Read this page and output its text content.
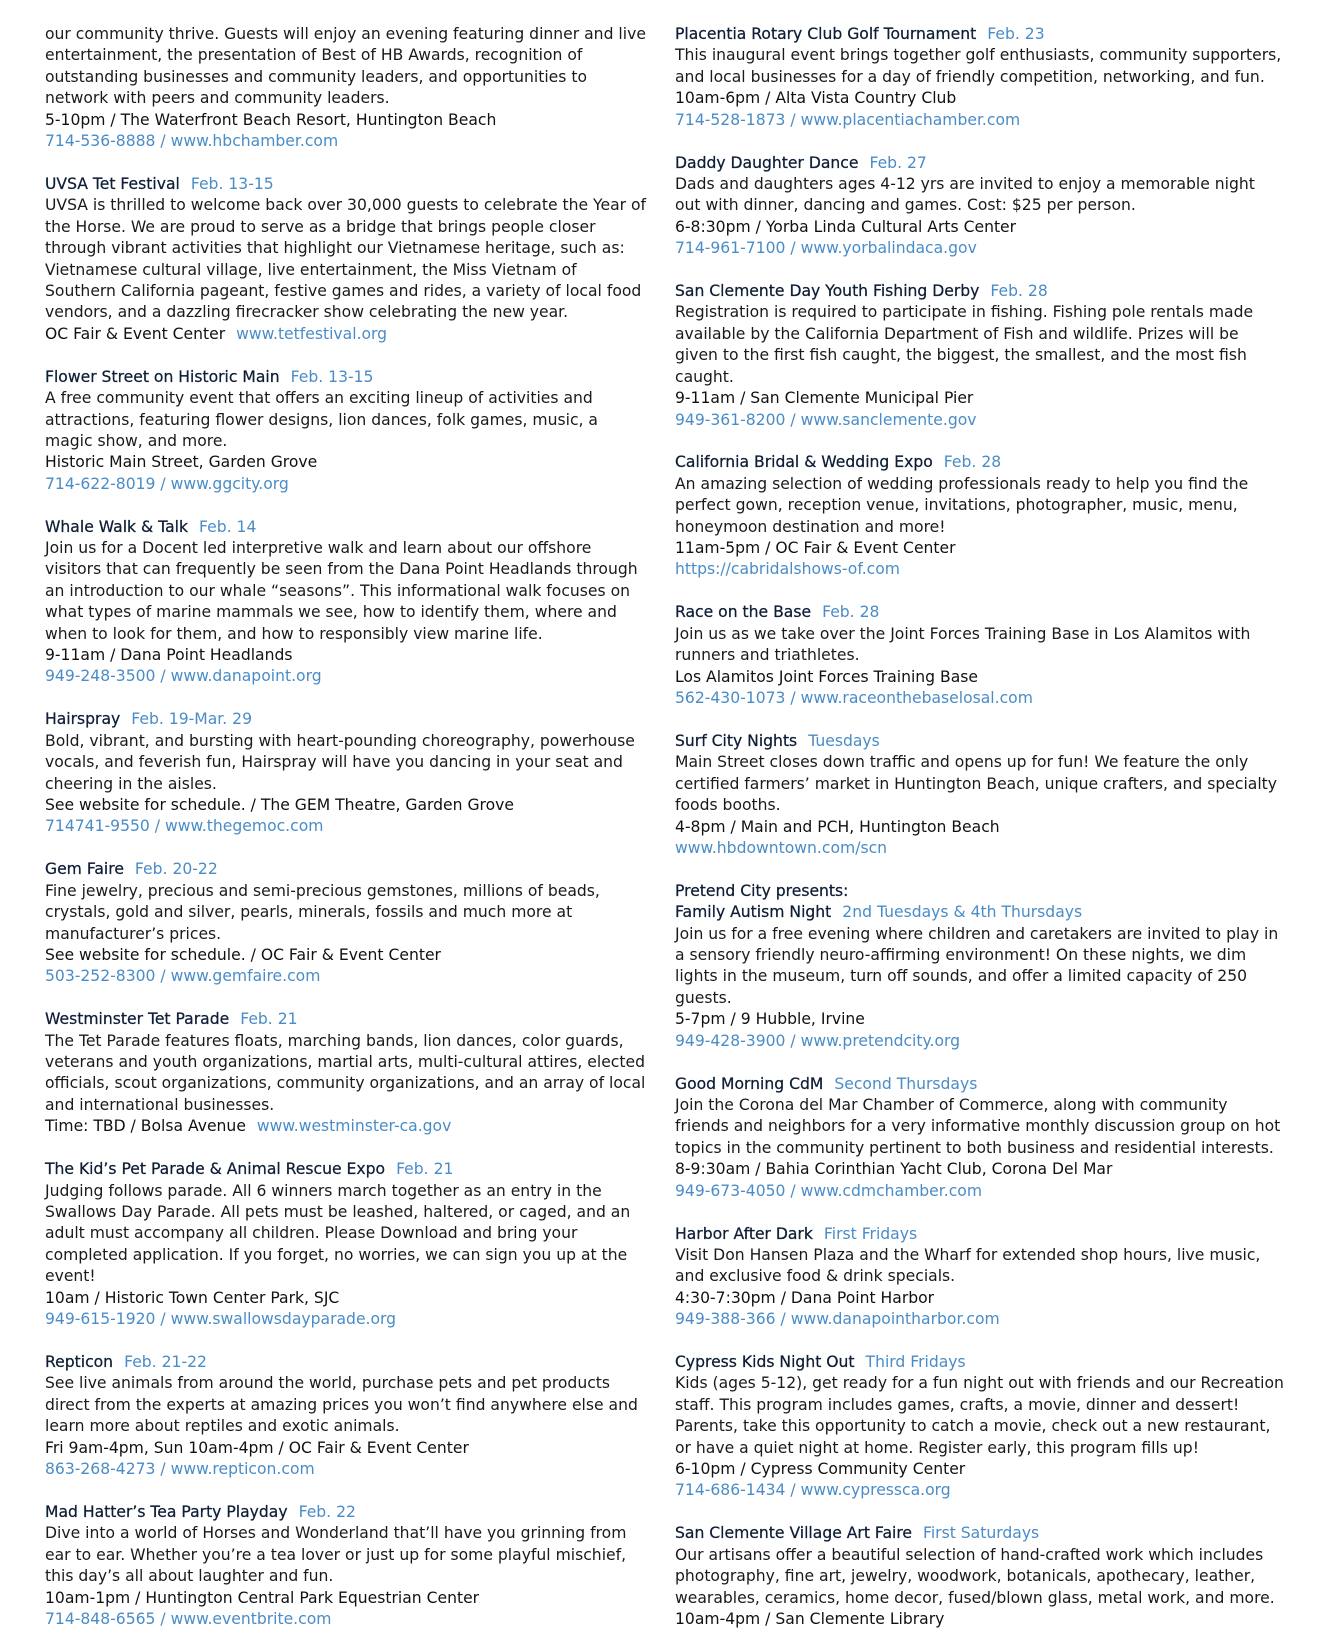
our community thrive. Guests will enjoy an evening featuring dinner and live entertainment, the presentation of Best of HB Awards, recognition of outstanding businesses and community leaders, and opportunities to network with peers and community leaders.

5-10pm / The Waterfront Beach Resort, Huntington Beach

714-536-8888 / www.hbchamber.com

UVSA Tet Festival Feb. 13-15

UVSA is thrilled to welcome back over 30,000 guests to celebrate the Year of the Horse. We are proud to serve as a bridge that brings people closer through vibrant activities that highlight our Vietnamese heritage, such as: Vietnamese cultural village, live entertainment, the Miss Vietnam of Southern California pageant, festive games and rides, a variety of local food vendors, and a dazzling firecracker show celebrating the new year.

OC Fair & Event Center www.tetfestival.org

Flower Street on Historic Main Feb. 13-15

A free community event that offers an exciting lineup of activities and attractions, featuring flower designs, lion dances, folk games, music, a magic show, and more.

Historic Main Street, Garden Grove

714-622-8019 / www.ggcity.org

Whale Walk & Talk Feb. 14

Join us for a Docent led interpretive walk and learn about our offshore visitors that can frequently be seen from the Dana Point Headlands through an introduction to our whale “seasons”. This informational walk focuses on what types of marine mammals we see, how to identify them, where and when to look for them, and how to responsibly view marine life.

9-11am / Dana Point Headlands

949-248-3500 / www.danapoint.org

Hairspray Feb. 19-Mar. 29

Bold, vibrant, and bursting with heart-pounding choreography, powerhouse vocals, and feverish fun, Hairspray will have you dancing in your seat and cheering in the aisles.

See website for schedule. / The GEM Theatre, Garden Grove

714741-9550 / www.thegemoc.com

Gem Faire Feb. 20-22

Fine jewelry, precious and semi-precious gemstones, millions of beads, crystals, gold and silver, pearls, minerals, fossils and much more at manufacturer’s prices.

See website for schedule. / OC Fair & Event Center

503-252-8300 / www.gemfaire.com

Westminster Tet Parade Feb. 21

The Tet Parade features floats, marching bands, lion dances, color guards, veterans and youth organizations, martial arts, multi-cultural attires, elected officials, scout organizations, community organizations, and an array of local and international businesses.

Time: TBD / Bolsa Avenue www.westminster-ca.gov

The Kid’s Pet Parade & Animal Rescue Expo Feb. 21

Judging follows parade. All 6 winners march together as an entry in the Swallows Day Parade. All pets must be leashed, haltered, or caged, and an adult must accompany all children. Please Download and bring your completed application. If you forget, no worries, we can sign you up at the event!

10am / Historic Town Center Park, SJC

949-615-1920 / www.swallowsdayparade.org

Repticon Feb. 21-22

See live animals from around the world, purchase pets and pet products direct from the experts at amazing prices you won’t find anywhere else and learn more about reptiles and exotic animals.

Fri 9am-4pm, Sun 10am-4pm / OC Fair & Event Center

863-268-4273 / www.repticon.com

Mad Hatter’s Tea Party Playday Feb. 22

Dive into a world of Horses and Wonderland that’ll have you grinning from ear to ear. Whether you’re a tea lover or just up for some playful mischief, this day’s all about laughter and fun.

10am-1pm / Huntington Central Park Equestrian Center

714-848-6565 / www.eventbrite.com

Placentia Rotary Club Golf Tournament Feb. 23

This inaugural event brings together golf enthusiasts, community supporters, and local businesses for a day of friendly competition, networking, and fun.

10am-6pm / Alta Vista Country Club

714-528-1873 / www.placentiachamber.com

Daddy Daughter Dance Feb. 27

Dads and daughters ages 4-12 yrs are invited to enjoy a memorable night out with dinner, dancing and games. Cost: $25 per person.

6-8:30pm / Yorba Linda Cultural Arts Center

714-961-7100 / www.yorbalindaca.gov

San Clemente Day Youth Fishing Derby Feb. 28

Registration is required to participate in fishing. Fishing pole rentals made available by the California Department of Fish and wildlife. Prizes will be given to the first fish caught, the biggest, the smallest, and the most fish caught.

9-11am / San Clemente Municipal Pier

949-361-8200 / www.sanclemente.gov

California Bridal & Wedding Expo Feb. 28

An amazing selection of wedding professionals ready to help you find the perfect gown, reception venue, invitations, photographer, music, menu, honeymoon destination and more!

11am-5pm / OC Fair & Event Center

https://cabridalshows-of.com

Race on the Base Feb. 28

Join us as we take over the Joint Forces Training Base in Los Alamitos with runners and triathletes.

Los Alamitos Joint Forces Training Base

562-430-1073 / www.raceonthebaselosal.com

Surf City Nights Tuesdays

Main Street closes down traffic and opens up for fun! We feature the only certified farmers’ market in Huntington Beach, unique crafters, and specialty foods booths.

4-8pm / Main and PCH, Huntington Beach

www.hbdowntown.com/scn

Pretend City presents:

Family Autism Night 2nd Tuesdays & 4th Thursdays

Join us for a free evening where children and caretakers are invited to play in a sensory friendly neuro-affirming environment! On these nights, we dim lights in the museum, turn off sounds, and offer a limited capacity of 250 guests.

5-7pm / 9 Hubble, Irvine

949-428-3900 / www.pretendcity.org

Good Morning CdM Second Thursdays

Join the Corona del Mar Chamber of Commerce, along with community friends and neighbors for a very informative monthly discussion group on hot topics in the community pertinent to both business and residential interests.

8-9:30am / Bahia Corinthian Yacht Club, Corona Del Mar

949-673-4050 / www.cdmchamber.com

Harbor After Dark First Fridays

Visit Don Hansen Plaza and the Wharf for extended shop hours, live music, and exclusive food & drink specials.

4:30-7:30pm / Dana Point Harbor

949-388-366 / www.danapointharbor.com

Cypress Kids Night Out Third Fridays

Kids (ages 5-12), get ready for a fun night out with friends and our Recreation staff. This program includes games, crafts, a movie, dinner and dessert! Parents, take this opportunity to catch a movie, check out a new restaurant, or have a quiet night at home. Register early, this program fills up!

6-10pm / Cypress Community Center

714-686-1434 / www.cypressca.org

San Clemente Village Art Faire First Saturdays

Our artisans offer a beautiful selection of hand-crafted work which includes photography, fine art, jewelry, woodwork, botanicals, apothecary, leather, wearables, ceramics, home decor, fused/blown glass, metal work, and more.

10am-4pm / San Clemente Library
